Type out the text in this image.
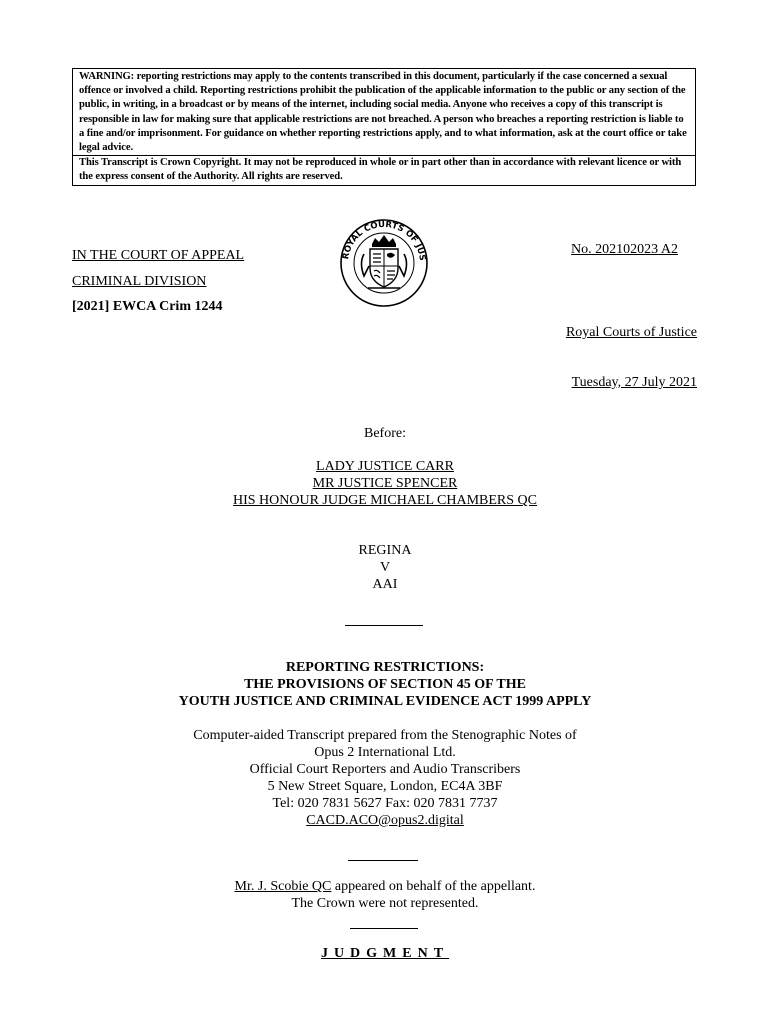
WARNING: reporting restrictions may apply to the contents transcribed in this document, particularly if the case concerned a sexual offence or involved a child. Reporting restrictions prohibit the publication of the applicable information to the public or any section of the public, in writing, in a broadcast or by means of the internet, including social media. Anyone who receives a copy of this transcript is responsible in law for making sure that applicable restrictions are not breached. A person who breaches a reporting restriction is liable to a fine and/or imprisonment. For guidance on whether reporting restrictions apply, and to what information, ask at the court office or take legal advice.

This Transcript is Crown Copyright. It may not be reproduced in whole or in part other than in accordance with relevant licence or with the express consent of the Authority. All rights are reserved.

IN THE COURT OF APPEAL
CRIMINAL DIVISION
[2021] EWCA Crim 1244
No. 202102023 A2
Royal Courts of Justice
Tuesday, 27 July 2021
ROYAL COURTS OF JUS
Before:
LADY JUSTICE CARR
MR JUSTICE SPENCER
HIS HONOUR JUDGE MICHAEL CHAMBERS QC
REGINA
V
AAI
REPORTING RESTRICTIONS:
THE PROVISIONS OF SECTION 45 OF THE
YOUTH JUSTICE AND CRIMINAL EVIDENCE ACT 1999 APPLY
Computer-aided Transcript prepared from the Stenographic Notes of
Opus 2 International Ltd.
Official Court Reporters and Audio Transcribers
5 New Street Square, London, EC4A 3BF
Tel: 020 7831 5627 Fax: 020 7831 7737
CACD.ACO@opus2.digital
Mr. J. Scobie QC appeared on behalf of the appellant.
The Crown were not represented.
JUDGMENT
